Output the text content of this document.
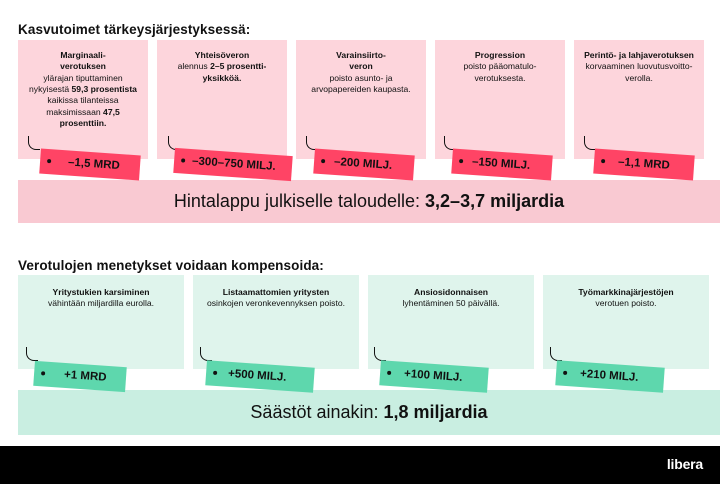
Kasvutoimet tärkeysjärjestyksessä:
Marginaali-
verotuksen
ylärajan tiputtaminen nykyisestä 59,3 prosentista kaikissa tilanteissa maksimissaan 47,5 prosenttiin.
Yhteisöveron
alennus 2–5 prosentti-
yksikköä.
Varainsiirto-
veron
poisto asunto- ja arvopapereiden kaupasta.
Progression
poisto pääomatulo-
verotuksesta.
Perintö- ja lahjaverotuksen
korvaaminen luovutusvoitto-
verolla.
–1,5 MRD	–300–750 MILJ.	–200 MILJ.	–150 MILJ.	–1,1 MRD
Hintalappu julkiselle taloudelle: 3,2–3,7 miljardia
Verotulojen menetykset voidaan kompensoida:
Yritystukien karsiminen
vähintään miljardilla eurolla.
Listaamattomien yritysten
osinkojen veronkevennyksen poisto.
Ansiosidonnaisen
lyhentäminen 50 päivällä.
Työmarkkinajärjestöjen
verotuen poisto.
+1 MRD	+500 MILJ.	+100 MILJ.	+210 MILJ.
Säästöt ainakin: 1,8 miljardia
libera
